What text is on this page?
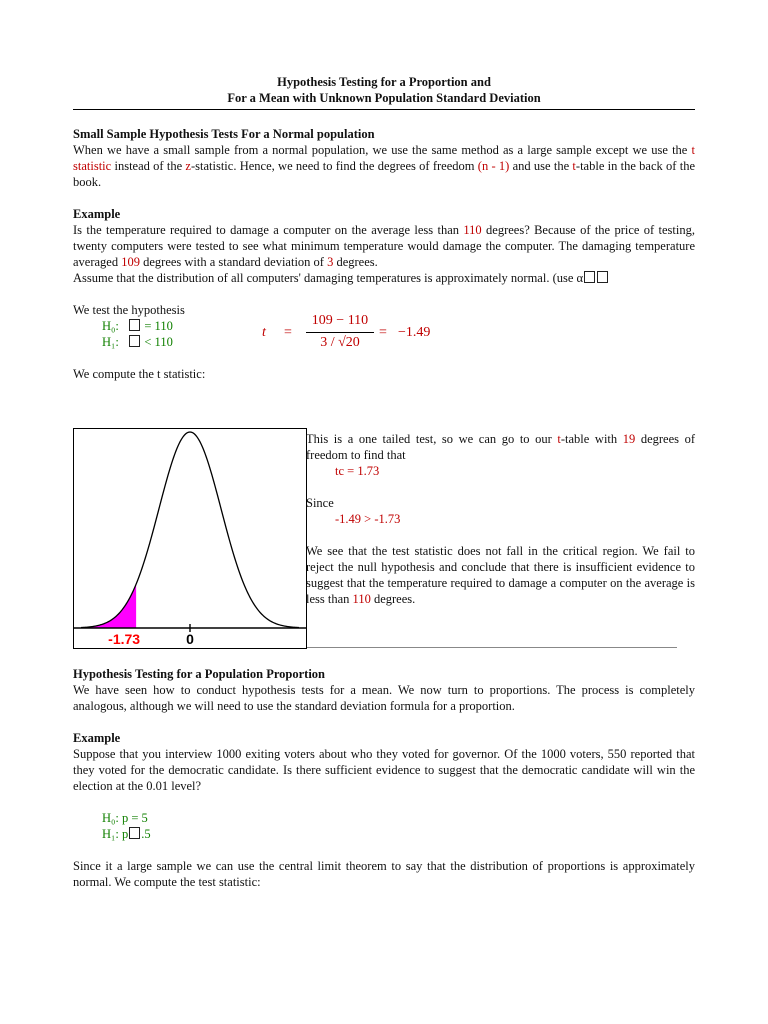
Hypothesis Testing for a Proportion and
For a Mean with Unknown Population Standard Deviation
Small Sample Hypothesis Tests For a Normal population

When we have a small sample from a normal population, we use the same method as a large sample except we use the t statistic instead of the z-statistic. Hence, we need to find the degrees of freedom (n - 1) and use the t-table in the back of the book.

Example

Is the temperature required to damage a computer on the average less than 110 degrees? Because of the price of testing, twenty computers were tested to see what minimum temperature would damage the computer. The damaging temperature averaged 109 degrees with a standard deviation of 3 degrees.

Assume that the distribution of all computers' damaging temperatures is approximately normal. (use α

We test the hypothesis
H₀:    = 110
H₁:    < 110
We compute the t statistic:
t =
109 − 110
3 / √20
= −1.49
-1.73	0

This is a one tailed test, so we can go to our t-table with 19 degrees of freedom to find that

tc = 1.73
Since
-1.49 > -1.73

We see that the test statistic does not fall in the critical region. We fail to reject the null hypothesis and conclude that there is insufficient evidence to suggest that the temperature required to damage a computer on the average is less than 110 degrees.

Hypothesis Testing for a Population Proportion

We have seen how to conduct hypothesis tests for a mean. We now turn to proportions. The process is completely analogous, although we will need to use the standard deviation formula for a proportion.

Example

Suppose that you interview 1000 exiting voters about who they voted for governor. Of the 1000 voters, 550 reported that they voted for the democratic candidate. Is there sufficient evidence to suggest that the democratic candidate will win the election at the 0.01 level?

H₀: p = 5
H₁: p .5

Since it a large sample we can use the central limit theorem to say that the distribution of proportions is approximately normal. We compute the test statistic:
